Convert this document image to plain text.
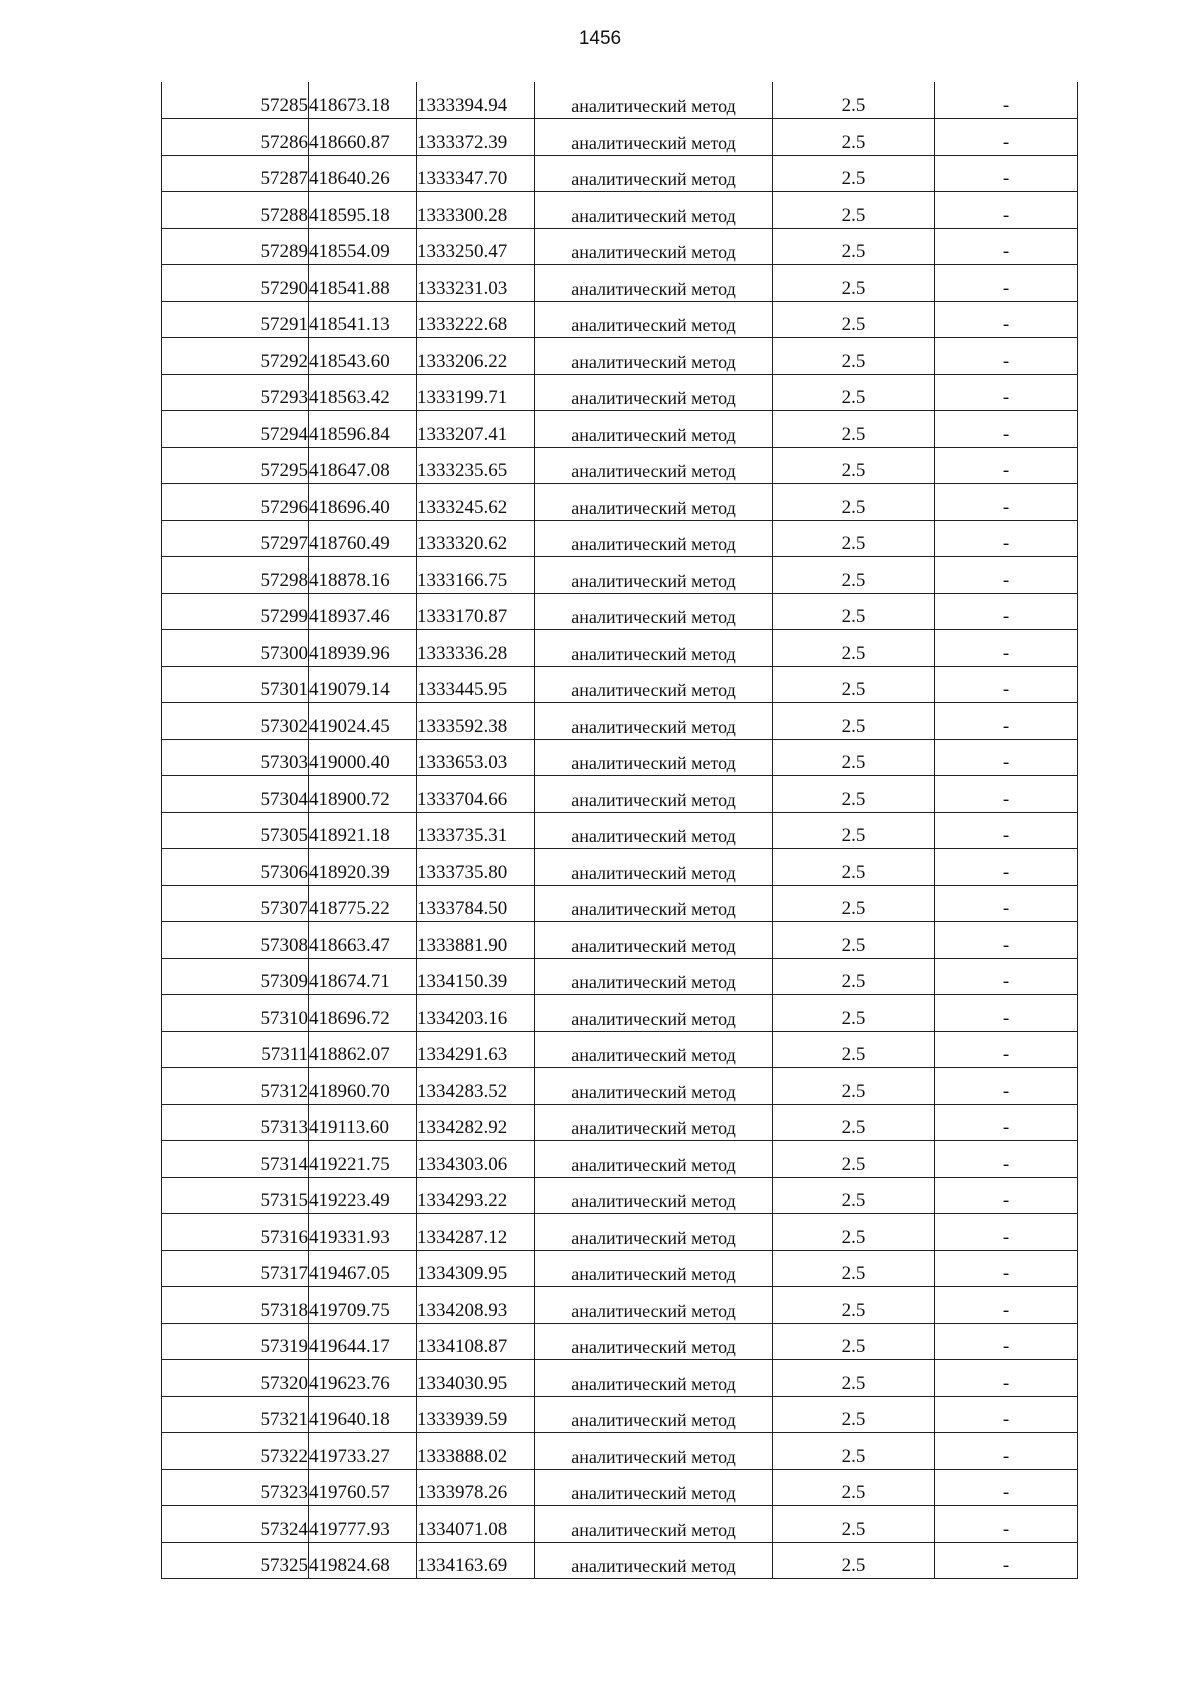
1456
57285	418673.18	1333394.94	аналитический метод	2.5	-
57286	418660.87	1333372.39	аналитический метод	2.5	-
57287	418640.26	1333347.70	аналитический метод	2.5	-
57288	418595.18	1333300.28	аналитический метод	2.5	-
57289	418554.09	1333250.47	аналитический метод	2.5	-
57290	418541.88	1333231.03	аналитический метод	2.5	-
57291	418541.13	1333222.68	аналитический метод	2.5	-
57292	418543.60	1333206.22	аналитический метод	2.5	-
57293	418563.42	1333199.71	аналитический метод	2.5	-
57294	418596.84	1333207.41	аналитический метод	2.5	-
57295	418647.08	1333235.65	аналитический метод	2.5	-
57296	418696.40	1333245.62	аналитический метод	2.5	-
57297	418760.49	1333320.62	аналитический метод	2.5	-
57298	418878.16	1333166.75	аналитический метод	2.5	-
57299	418937.46	1333170.87	аналитический метод	2.5	-
57300	418939.96	1333336.28	аналитический метод	2.5	-
57301	419079.14	1333445.95	аналитический метод	2.5	-
57302	419024.45	1333592.38	аналитический метод	2.5	-
57303	419000.40	1333653.03	аналитический метод	2.5	-
57304	418900.72	1333704.66	аналитический метод	2.5	-
57305	418921.18	1333735.31	аналитический метод	2.5	-
57306	418920.39	1333735.80	аналитический метод	2.5	-
57307	418775.22	1333784.50	аналитический метод	2.5	-
57308	418663.47	1333881.90	аналитический метод	2.5	-
57309	418674.71	1334150.39	аналитический метод	2.5	-
57310	418696.72	1334203.16	аналитический метод	2.5	-
57311	418862.07	1334291.63	аналитический метод	2.5	-
57312	418960.70	1334283.52	аналитический метод	2.5	-
57313	419113.60	1334282.92	аналитический метод	2.5	-
57314	419221.75	1334303.06	аналитический метод	2.5	-
57315	419223.49	1334293.22	аналитический метод	2.5	-
57316	419331.93	1334287.12	аналитический метод	2.5	-
57317	419467.05	1334309.95	аналитический метод	2.5	-
57318	419709.75	1334208.93	аналитический метод	2.5	-
57319	419644.17	1334108.87	аналитический метод	2.5	-
57320	419623.76	1334030.95	аналитический метод	2.5	-
57321	419640.18	1333939.59	аналитический метод	2.5	-
57322	419733.27	1333888.02	аналитический метод	2.5	-
57323	419760.57	1333978.26	аналитический метод	2.5	-
57324	419777.93	1334071.08	аналитический метод	2.5	-
57325	419824.68	1334163.69	аналитический метод	2.5	-
